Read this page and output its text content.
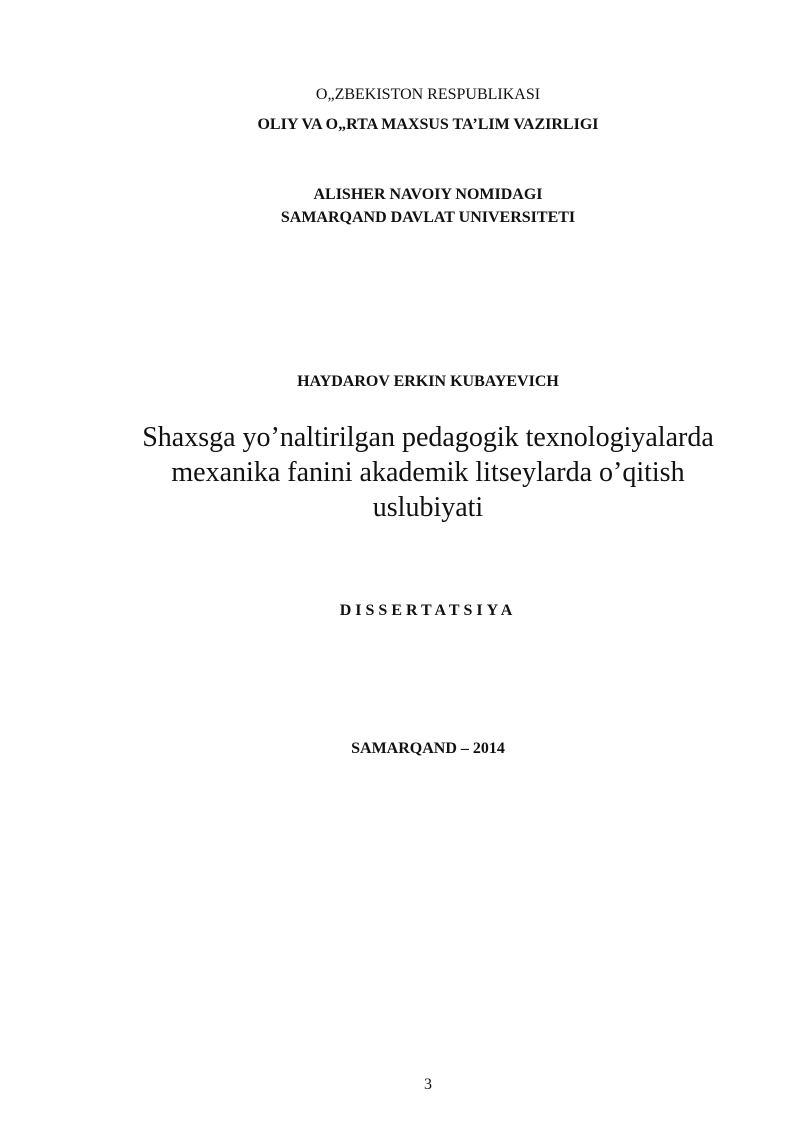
O„ZBEKISTON RESPUBLIKASI
OLIY VA O„RTA MAXSUS TA’LIM VAZIRLIGI
ALISHER NAVOIY NOMIDAGI
SAMARQAND DAVLAT UNIVERSITETI
HAYDAROV ERKIN KUBAYEVICH
Shaxsga yo’naltirilgan pedagogik texnologiyalarda
mexanika fanini akademik litseylarda o’qitish
uslubiyati
DISSERTATSIYA
SAMARQAND – 2014
3
